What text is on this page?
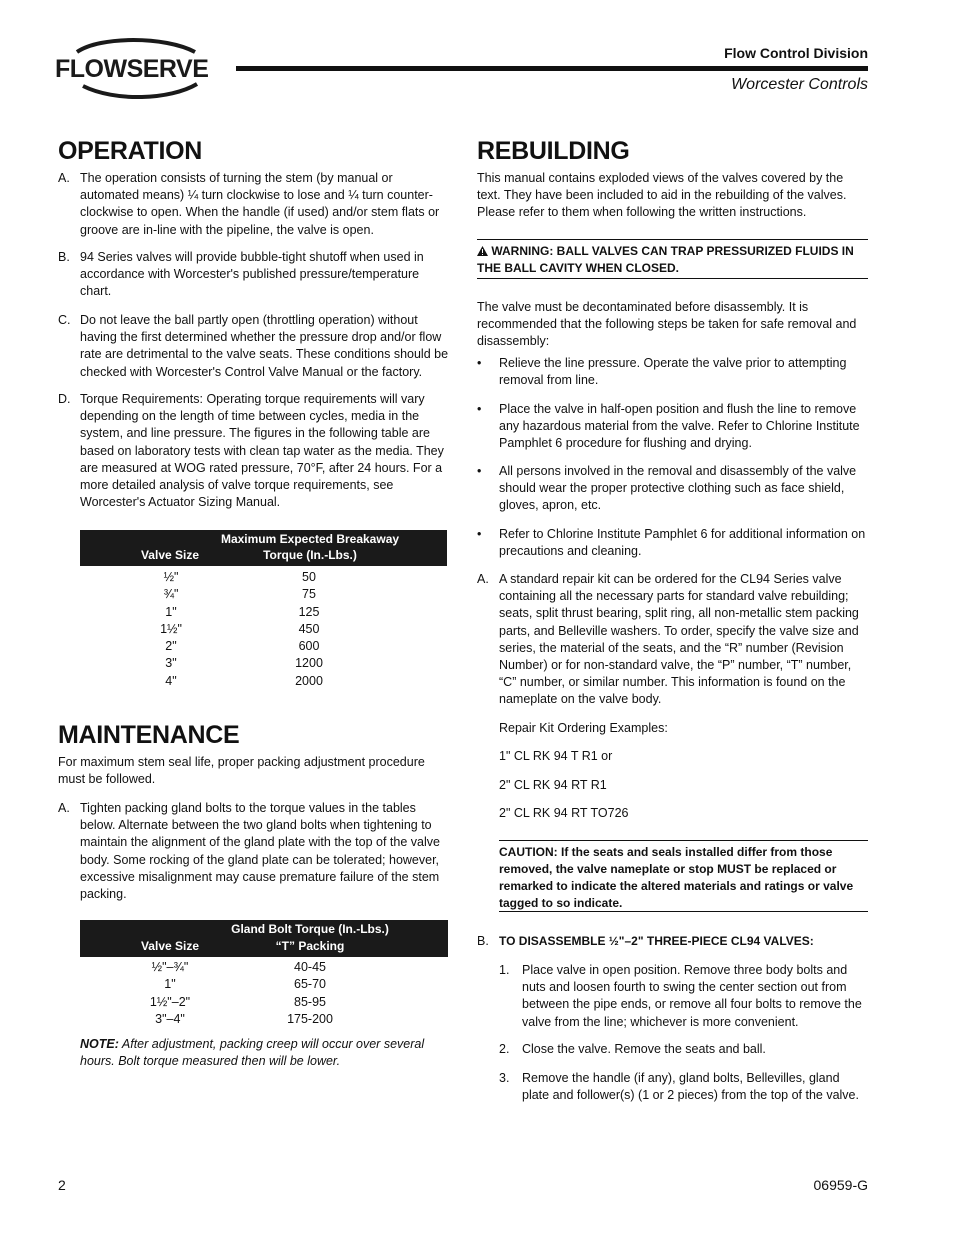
FLOWSERVE
Flow Control Division
Worcester Controls
OPERATION
A. The operation consists of turning the stem (by manual or automated means) ¼ turn clockwise to lose and ¼ turn counter-clockwise to open. When the handle (if used) and/or stem flats or groove are in-line with the pipeline, the valve is open.
B. 94 Series valves will provide bubble-tight shutoff when used in accordance with Worcester's published pressure/temperature chart.
C. Do not leave the ball partly open (throttling operation) without having the first determined whether the pressure drop and/or flow rate are detrimental to the valve seats. These conditions should be checked with Worcester's Control Valve Manual or the factory.
D. Torque Requirements: Operating torque requirements will vary depending on the length of time between cycles, media in the system, and line pressure. The figures in the following table are based on laboratory tests with clean tap water as the media. They are measured at WOG rated pressure, 70°F, after 24 hours. For a more detailed analysis of valve torque requirements, see Worcester's Actuator Sizing Manual.
Valve Size
Maximum Expected Breakaway
Torque (In.-Lbs.)
½"	50
¾"	75
1"	125
1½"	450
2"	600
3"	1200
4"	2000
MAINTENANCE
For maximum stem seal life, proper packing adjustment procedure must be followed.
A. Tighten packing gland bolts to the torque values in the tables below. Alternate between the two gland bolts when tightening to maintain the alignment of the gland plate with the top of the valve body. Some rocking of the gland plate can be tolerated; however, excessive misalignment may cause premature failure of the stem packing.
Valve Size
Gland Bolt Torque (In.-Lbs.)
“T” Packing
½"–¾"	40-45
1"	65-70
1½"–2"	85-95
3"–4"	175-200
NOTE: After adjustment, packing creep will occur over several hours. Bolt torque measured then will be lower.
REBUILDING
This manual contains exploded views of the valves covered by the text. They have been included to aid in the rebuilding of the valves. Please refer to them when following the written instructions.
WARNING: BALL VALVES CAN TRAP PRESSURIZED FLUIDS IN THE BALL CAVITY WHEN CLOSED.
The valve must be decontaminated before disassembly. It is recommended that the following steps be taken for safe removal and disassembly:
• Relieve the line pressure. Operate the valve prior to attempting removal from line.
• Place the valve in half-open position and flush the line to remove any hazardous material from the valve. Refer to Chlorine Institute Pamphlet 6 procedure for flushing and drying.
• All persons involved in the removal and disassembly of the valve should wear the proper protective clothing such as face shield, gloves, apron, etc.
• Refer to Chlorine Institute Pamphlet 6 for additional information on precautions and cleaning.
A. A standard repair kit can be ordered for the CL94 Series valve containing all the necessary parts for standard valve rebuilding; seats, split thrust bearing, split ring, all non-metallic stem packing parts, and Belleville washers. To order, specify the valve size and series, the material of the seats, and the “R” number (Revision Number) or for non-standard valve, the “P” number, “T” number, “C” number, or similar number. This information is found on the nameplate on the valve body.
Repair Kit Ordering Examples:
1" CL RK 94 T R1 or
2" CL RK 94 RT R1
2" CL RK 94 RT TO726
CAUTION: If the seats and seals installed differ from those removed, the valve nameplate or stop MUST be replaced or remarked to indicate the altered materials and ratings or valve tagged to so indicate.
B. TO DISASSEMBLE ½"–2" THREE-PIECE CL94 VALVES:
1. Place valve in open position. Remove three body bolts and nuts and loosen fourth to swing the center section out from between the pipe ends, or remove all four bolts to remove the valve from the line; whichever is more convenient.
2. Close the valve. Remove the seats and ball.
3. Remove the handle (if any), gland bolts, Bellevilles, gland plate and follower(s) (1 or 2 pieces) from the top of the valve.
2	06959-G
